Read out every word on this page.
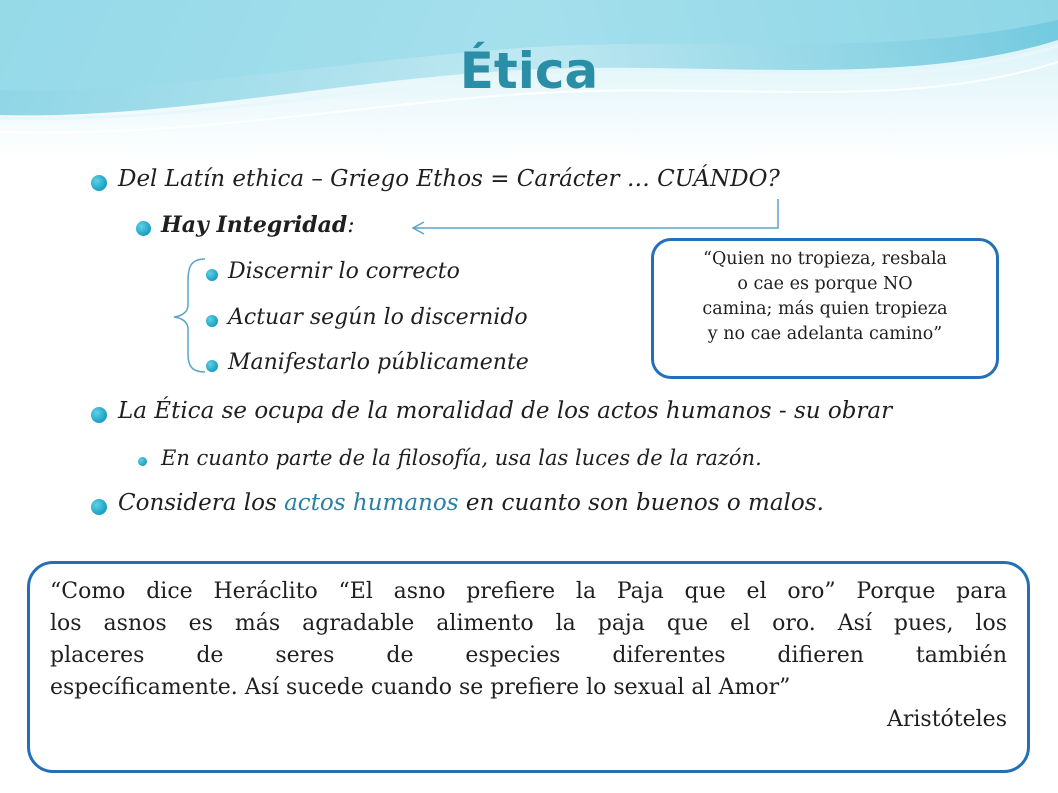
Ética
Del Latín ethica – Griego Ethos = Carácter … CUÁNDO?
Hay Integridad:
Discernir lo correcto
Actuar según lo discernido
Manifestarlo públicamente
La Ética se ocupa de la moralidad de los actos humanos - su obrar
En cuanto parte de la filosofía, usa las luces de la razón.
Considera los actos humanos en cuanto son buenos o malos.
“Quien no tropieza, resbala
o cae es porque NO
camina; más quien tropieza
y no cae adelanta camino”
“Como dice Heráclito “El asno prefiere la Paja que el oro” Porque para
los asnos es más agradable alimento la paja que el oro. Así pues, los
placeres de seres de especies diferentes difieren también
específicamente. Así sucede cuando se prefiere lo sexual al Amor”
Aristóteles
